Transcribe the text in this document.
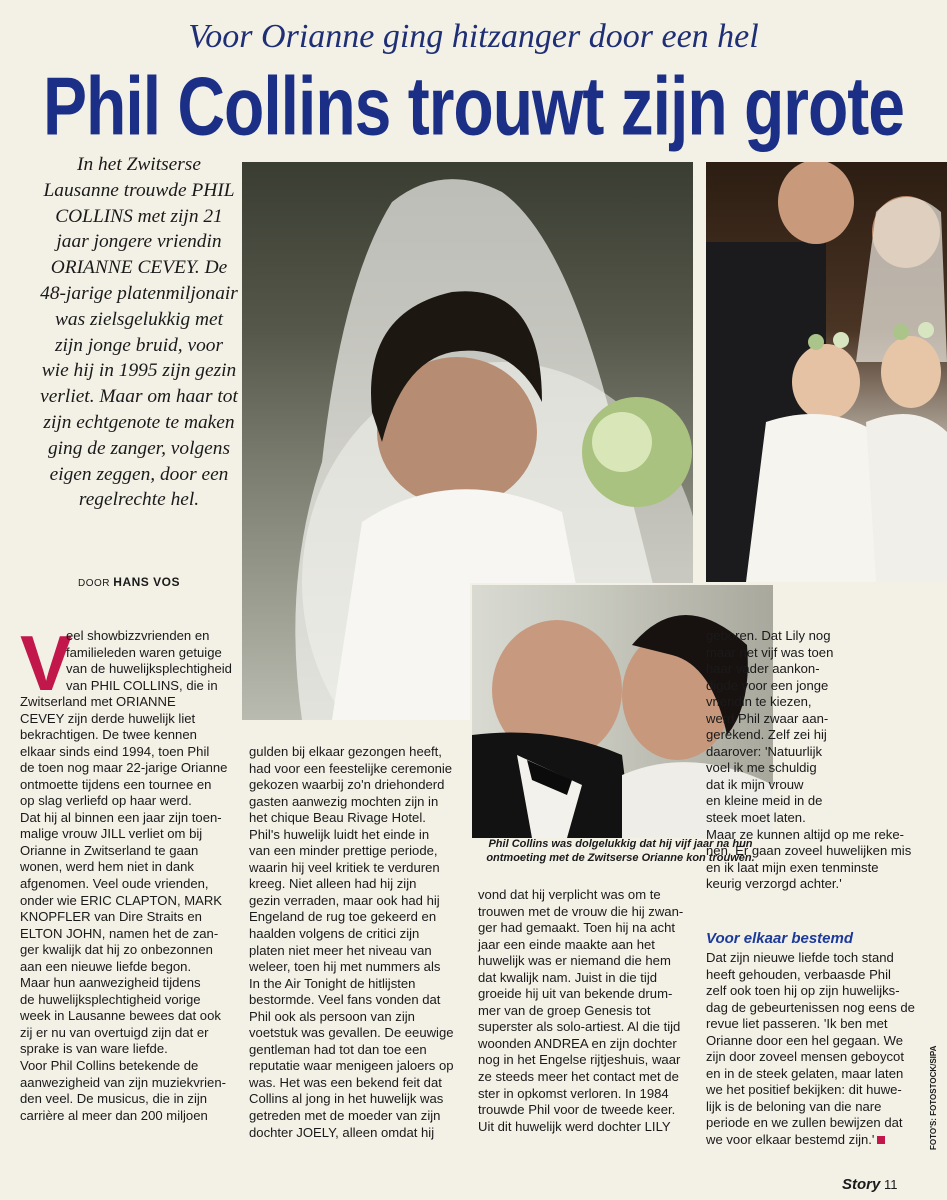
Voor Orianne ging hitzanger door een hel
Phil Collins trouwt zijn grote
In het Zwitserse Lausanne trouwde PHIL COLLINS met zijn 21 jaar jongere vriendin ORIANNE CEVEY. De 48-jarige platenmiljonair was zielsgelukkig met zijn jonge bruid, voor wie hij in 1995 zijn gezin verliet. Maar om haar tot zijn echtgenote te maken ging de zanger, volgens eigen zeggen, door een regelrechte hel.
DOOR HANS VOS
Phil Collins was dolgelukkig dat hij vijf jaar na hun ontmoeting met de Zwitserse Orianne kon trouwen.
V
eel showbizzvrienden en
familieleden waren getuige
van de huwelijksplechtigheid
van PHIL COLLINS, die in
Zwitserland met ORIANNE
CEVEY zijn derde huwelijk liet
bekrachtigen. De twee kennen
elkaar sinds eind 1994, toen Phil
de toen nog maar 22-jarige Orianne
ontmoette tijdens een tournee en
op slag verliefd op haar werd.
Dat hij al binnen een jaar zijn toen-
malige vrouw JILL verliet om bij
Orianne in Zwitserland te gaan
wonen, werd hem niet in dank
afgenomen. Veel oude vrienden,
onder wie ERIC CLAPTON, MARK
KNOPFLER van Dire Straits en
ELTON JOHN, namen het de zan-
ger kwalijk dat hij zo onbezonnen
aan een nieuwe liefde begon.
Maar hun aanwezigheid tijdens
de huwelijksplechtigheid vorige
week in Lausanne bewees dat ook
zij er nu van overtuigd zijn dat er
sprake is van ware liefde.
Voor Phil Collins betekende de
aanwezigheid van zijn muziekvrien-
den veel. De musicus, die in zijn
carrière al meer dan 200 miljoen
gulden bij elkaar gezongen heeft,
had voor een feestelijke ceremonie
gekozen waarbij zo'n driehonderd
gasten aanwezig mochten zijn in
het chique Beau Rivage Hotel.
Phil's huwelijk luidt het einde in
van een minder prettige periode,
waarin hij veel kritiek te verduren
kreeg. Niet alleen had hij zijn
gezin verraden, maar ook had hij
Engeland de rug toe gekeerd en
haalden volgens de critici zijn
platen niet meer het niveau van
weleer, toen hij met nummers als
In the Air Tonight de hitlijsten
bestormde. Veel fans vonden dat
Phil ook als persoon van zijn
voetstuk was gevallen. De eeuwige
gentleman had tot dan toe een
reputatie waar menigeen jaloers op
was. Het was een bekend feit dat
Collins al jong in het huwelijk was
getreden met de moeder van zijn
dochter JOELY, alleen omdat hij
vond dat hij verplicht was om te
trouwen met de vrouw die hij zwan-
ger had gemaakt. Toen hij na acht
jaar een einde maakte aan het
huwelijk was er niemand die hem
dat kwalijk nam. Juist in die tijd
groeide hij uit van bekende drum-
mer van de groep Genesis tot
superster als solo-artiest. Al die tijd
woonden ANDREA en zijn dochter
nog in het Engelse rijtjeshuis, waar
ze steeds meer het contact met de
ster in opkomst verloren. In 1984
trouwde Phil voor de tweede keer.
Uit dit huwelijk werd dochter LILY
geboren. Dat Lily nog
maar net vijf was toen
haar vader aankon-
digde voor een jonge
vriendin te kiezen,
werd Phil zwaar aan-
gerekend. Zelf zei hij
daarover: 'Natuurlijk
voel ik me schuldig
dat ik mijn vrouw
en kleine meid in de
steek moet laten.
Maar ze kunnen altijd op me reke-
nen. Er gaan zoveel huwelijken mis
en ik laat mijn exen tenminste
keurig verzorgd achter.'
Voor elkaar bestemd
Dat zijn nieuwe liefde toch stand
heeft gehouden, verbaasde Phil
zelf ook toen hij op zijn huwelijks-
dag de gebeurtenissen nog eens de
revue liet passeren. 'Ik ben met
Orianne door een hel gegaan. We
zijn door zoveel mensen geboycot
en in de steek gelaten, maar laten
we het positief bekijken: dit huwe-
lijk is de beloning van die nare
periode en we zullen bewijzen dat
we voor elkaar bestemd zijn.'	FOTO'S: FOTOSTOCK/SIPA
Story 11
